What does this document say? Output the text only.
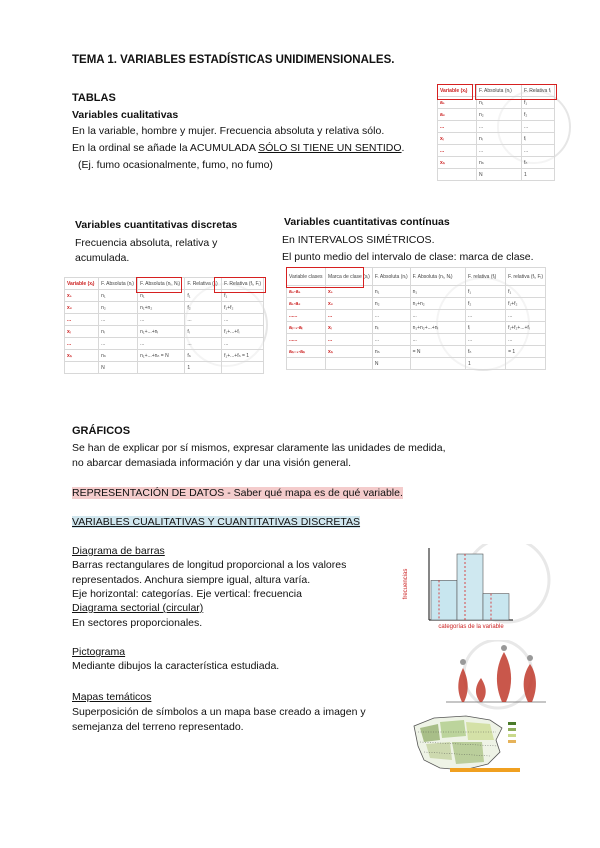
TEMA 1. VARIABLES ESTADÍSTICAS UNIDIMENSIONALES.
TABLAS
Variables cualitativas
En la variable, hombre y mujer. Frecuencia absoluta y relativa sólo.
En la ordinal se añade la ACUMULADA SÓLO SI TIENE UN SENTIDO.
(Ej. fumo ocasionalmente, fumo, no fumo)
Variable (xᵢ)	F. Absoluta (nᵢ)	F. Relativa fᵢ
a₁	n₁	f₁
a₂	n₂	f₂
...	...	...
xᵢ	nᵢ	fᵢ
...	...	...
xₙ	nₙ	fₙ
	N	1
Variables cuantitativas discretas
Frecuencia absoluta, relativa y
acumulada.
Variables cuantitativas contínuas
En INTERVALOS SIMÉTRICOS.
El punto medio del intervalo de clase: marca de clase.
Variable (xᵢ)	F. Absoluta (nᵢ)	F. Absoluta (nᵢ, Nᵢ)	F. Relativa (fᵢ)	F. Relativa (fᵢ, Fᵢ)
x₁	n₁	n₁	f₁	f₁
x₂	n₂	n₁+n₂	f₂	f₁+f₂
...	...	...	...	...
xᵢ	nᵢ	n₁+...+nᵢ	fᵢ	f₁+...+fᵢ
...	...	...	...	...
xₙ	nₙ	n₁+...+nₙ = N	fₙ	f₁+...+fₙ = 1
	N		1	
Variable clases	Marca de clase (xᵢ)	F. Absoluta (nᵢ)	F. Absoluta (nᵢ, Nᵢ)	F. relativa (fᵢ)	F. relativa (fᵢ, Fᵢ)
a₀-a₁	x₁	n₁	n₁	f₁	f₁
a₁-a₂	x₂	n₂	n₁+n₂	f₂	f₁+f₂
......	...	...	...	...	...
aᵢ₋₁-aᵢ	xᵢ	nᵢ	n₁+n₂+...+nᵢ	fᵢ	f₁+f₂+...+fᵢ
......	...	...	...	...	...
aₙ₋₁-aₙ	xₙ	nₙ	= N	fₙ	= 1
		N		1	
GRÁFICOS
Se han de explicar por sí mismos, expresar claramente las unidades de medida,
no abarcar demasiada información y dar una visión general.
REPRESENTACIÓN DE DATOS - Saber qué mapa es de qué variable.
VARIABLES CUALITATIVAS Y CUANTITATIVAS DISCRETAS
Diagrama de barras
Barras rectangulares de longitud proporcional a los valores
representados. Anchura siempre igual, altura varía.
Eje horizontal: categorías. Eje vertical: frecuencia
Diagrama sectorial (circular)
En sectores proporcionales.
Pictograma
Mediante dibujos la característica estudiada.
Mapas temáticos
Superposición de símbolos a un mapa base creado a imagen y
semejanza del terreno representado.
frecuencias
categorías de la variable
